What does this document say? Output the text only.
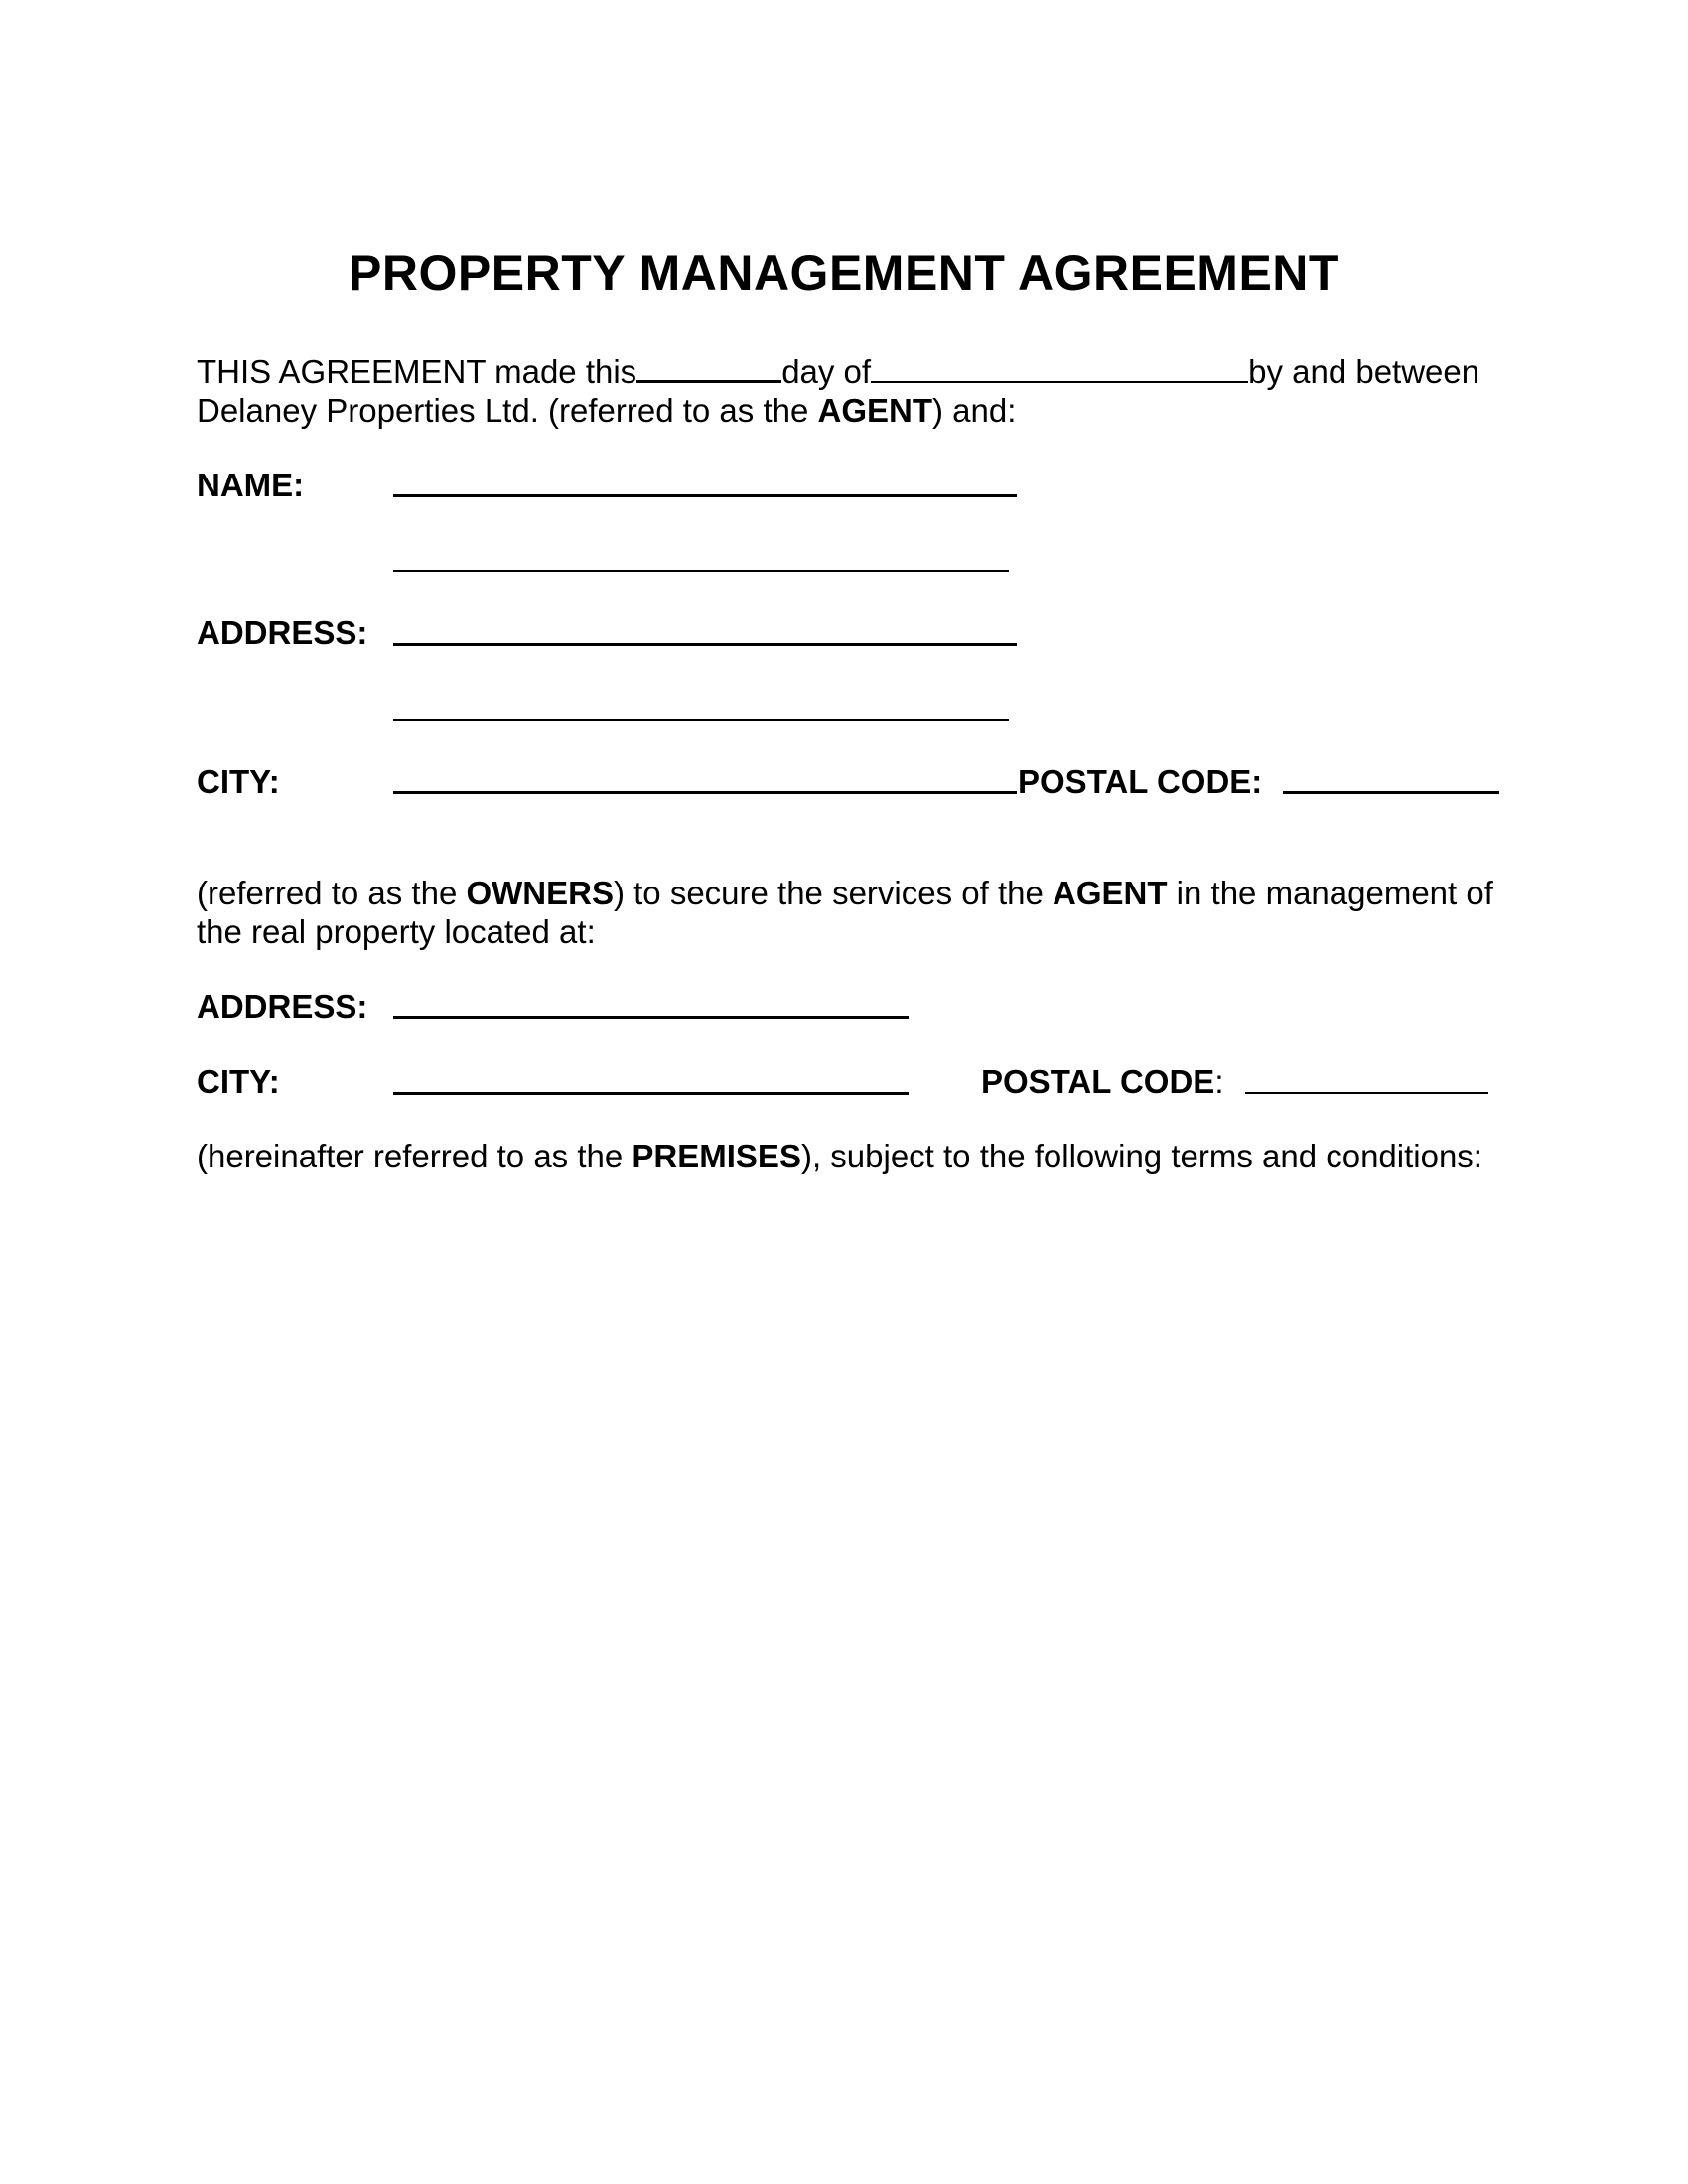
PROPERTY MANAGEMENT AGREEMENT
THIS AGREEMENT made this	day of	by and between
Delaney Properties Ltd. (referred to as the AGENT) and:
NAME:
ADDRESS:
CITY:	POSTAL CODE:
(referred to as the OWNERS) to secure the services of the AGENT in the management of
the real property located at:
ADDRESS:
CITY:	POSTAL CODE:
(hereinafter referred to as the PREMISES), subject to the following terms and conditions:
